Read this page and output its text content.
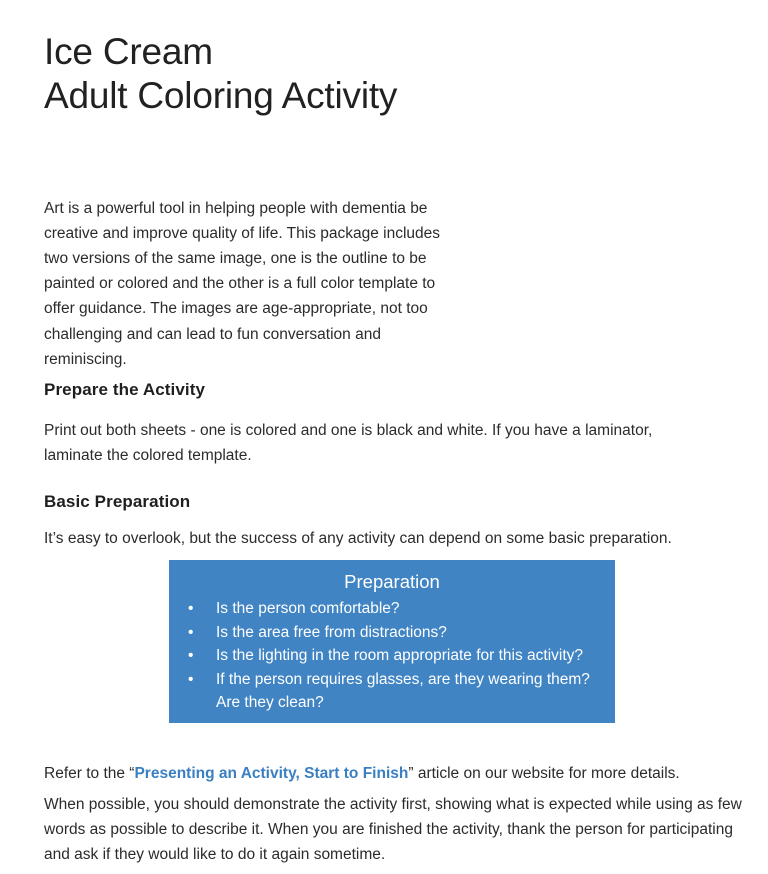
Ice Cream
Adult Coloring Activity

Art is a powerful tool in helping people with dementia be creative and improve quality of life. This package includes two versions of the same image, one is the outline to be painted or colored and the other is a full color template to offer guidance. The images are age-appropriate, not too challenging and can lead to fun conversation and reminiscing.

Prepare the Activity

Print out both sheets - one is colored and one is black and white. If you have a laminator, laminate the colored template.

Basic Preparation

It’s easy to overlook, but the success of any activity can depend on some basic preparation.

Preparation
• Is the person comfortable?
• Is the area free from distractions?
• Is the lighting in the room appropriate for this activity?
• If the person requires glasses, are they wearing them? Are they clean?

Refer to the “Presenting an Activity, Start to Finish” article on our website for more details.

When possible, you should demonstrate the activity first, showing what is expected while using as few words as possible to describe it. When you are finished the activity, thank the person for participating and ask if they would like to do it again sometime.
